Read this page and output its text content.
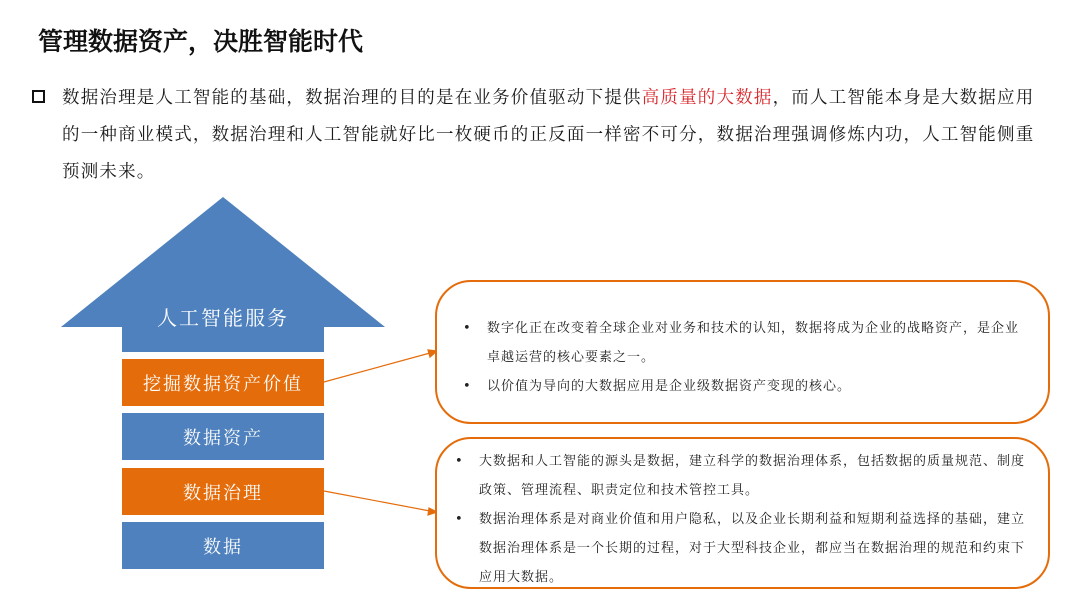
管理数据资产，决胜智能时代
数据治理是人工智能的基础，数据治理的目的是在业务价值驱动下提供高质量的大数据，而人工智能本身是大数据应用的一种商业模式，数据治理和人工智能就好比一枚硬币的正反面一样密不可分，数据治理强调修炼内功，人工智能侧重预测未来。
人工智能服务
挖掘数据资产价值
数据资产
数据治理
数据
• 数字化正在改变着全球企业对业务和技术的认知，数据将成为企业的战略资产，是企业卓越运营的核心要素之一。
• 以价值为导向的大数据应用是企业级数据资产变现的核心。
• 大数据和人工智能的源头是数据，建立科学的数据治理体系，包括数据的质量规范、制度政策、管理流程、职责定位和技术管控工具。
• 数据治理体系是对商业价值和用户隐私，以及企业长期利益和短期利益选择的基础，建立数据治理体系是一个长期的过程，对于大型科技企业，都应当在数据治理的规范和约束下应用大数据。
